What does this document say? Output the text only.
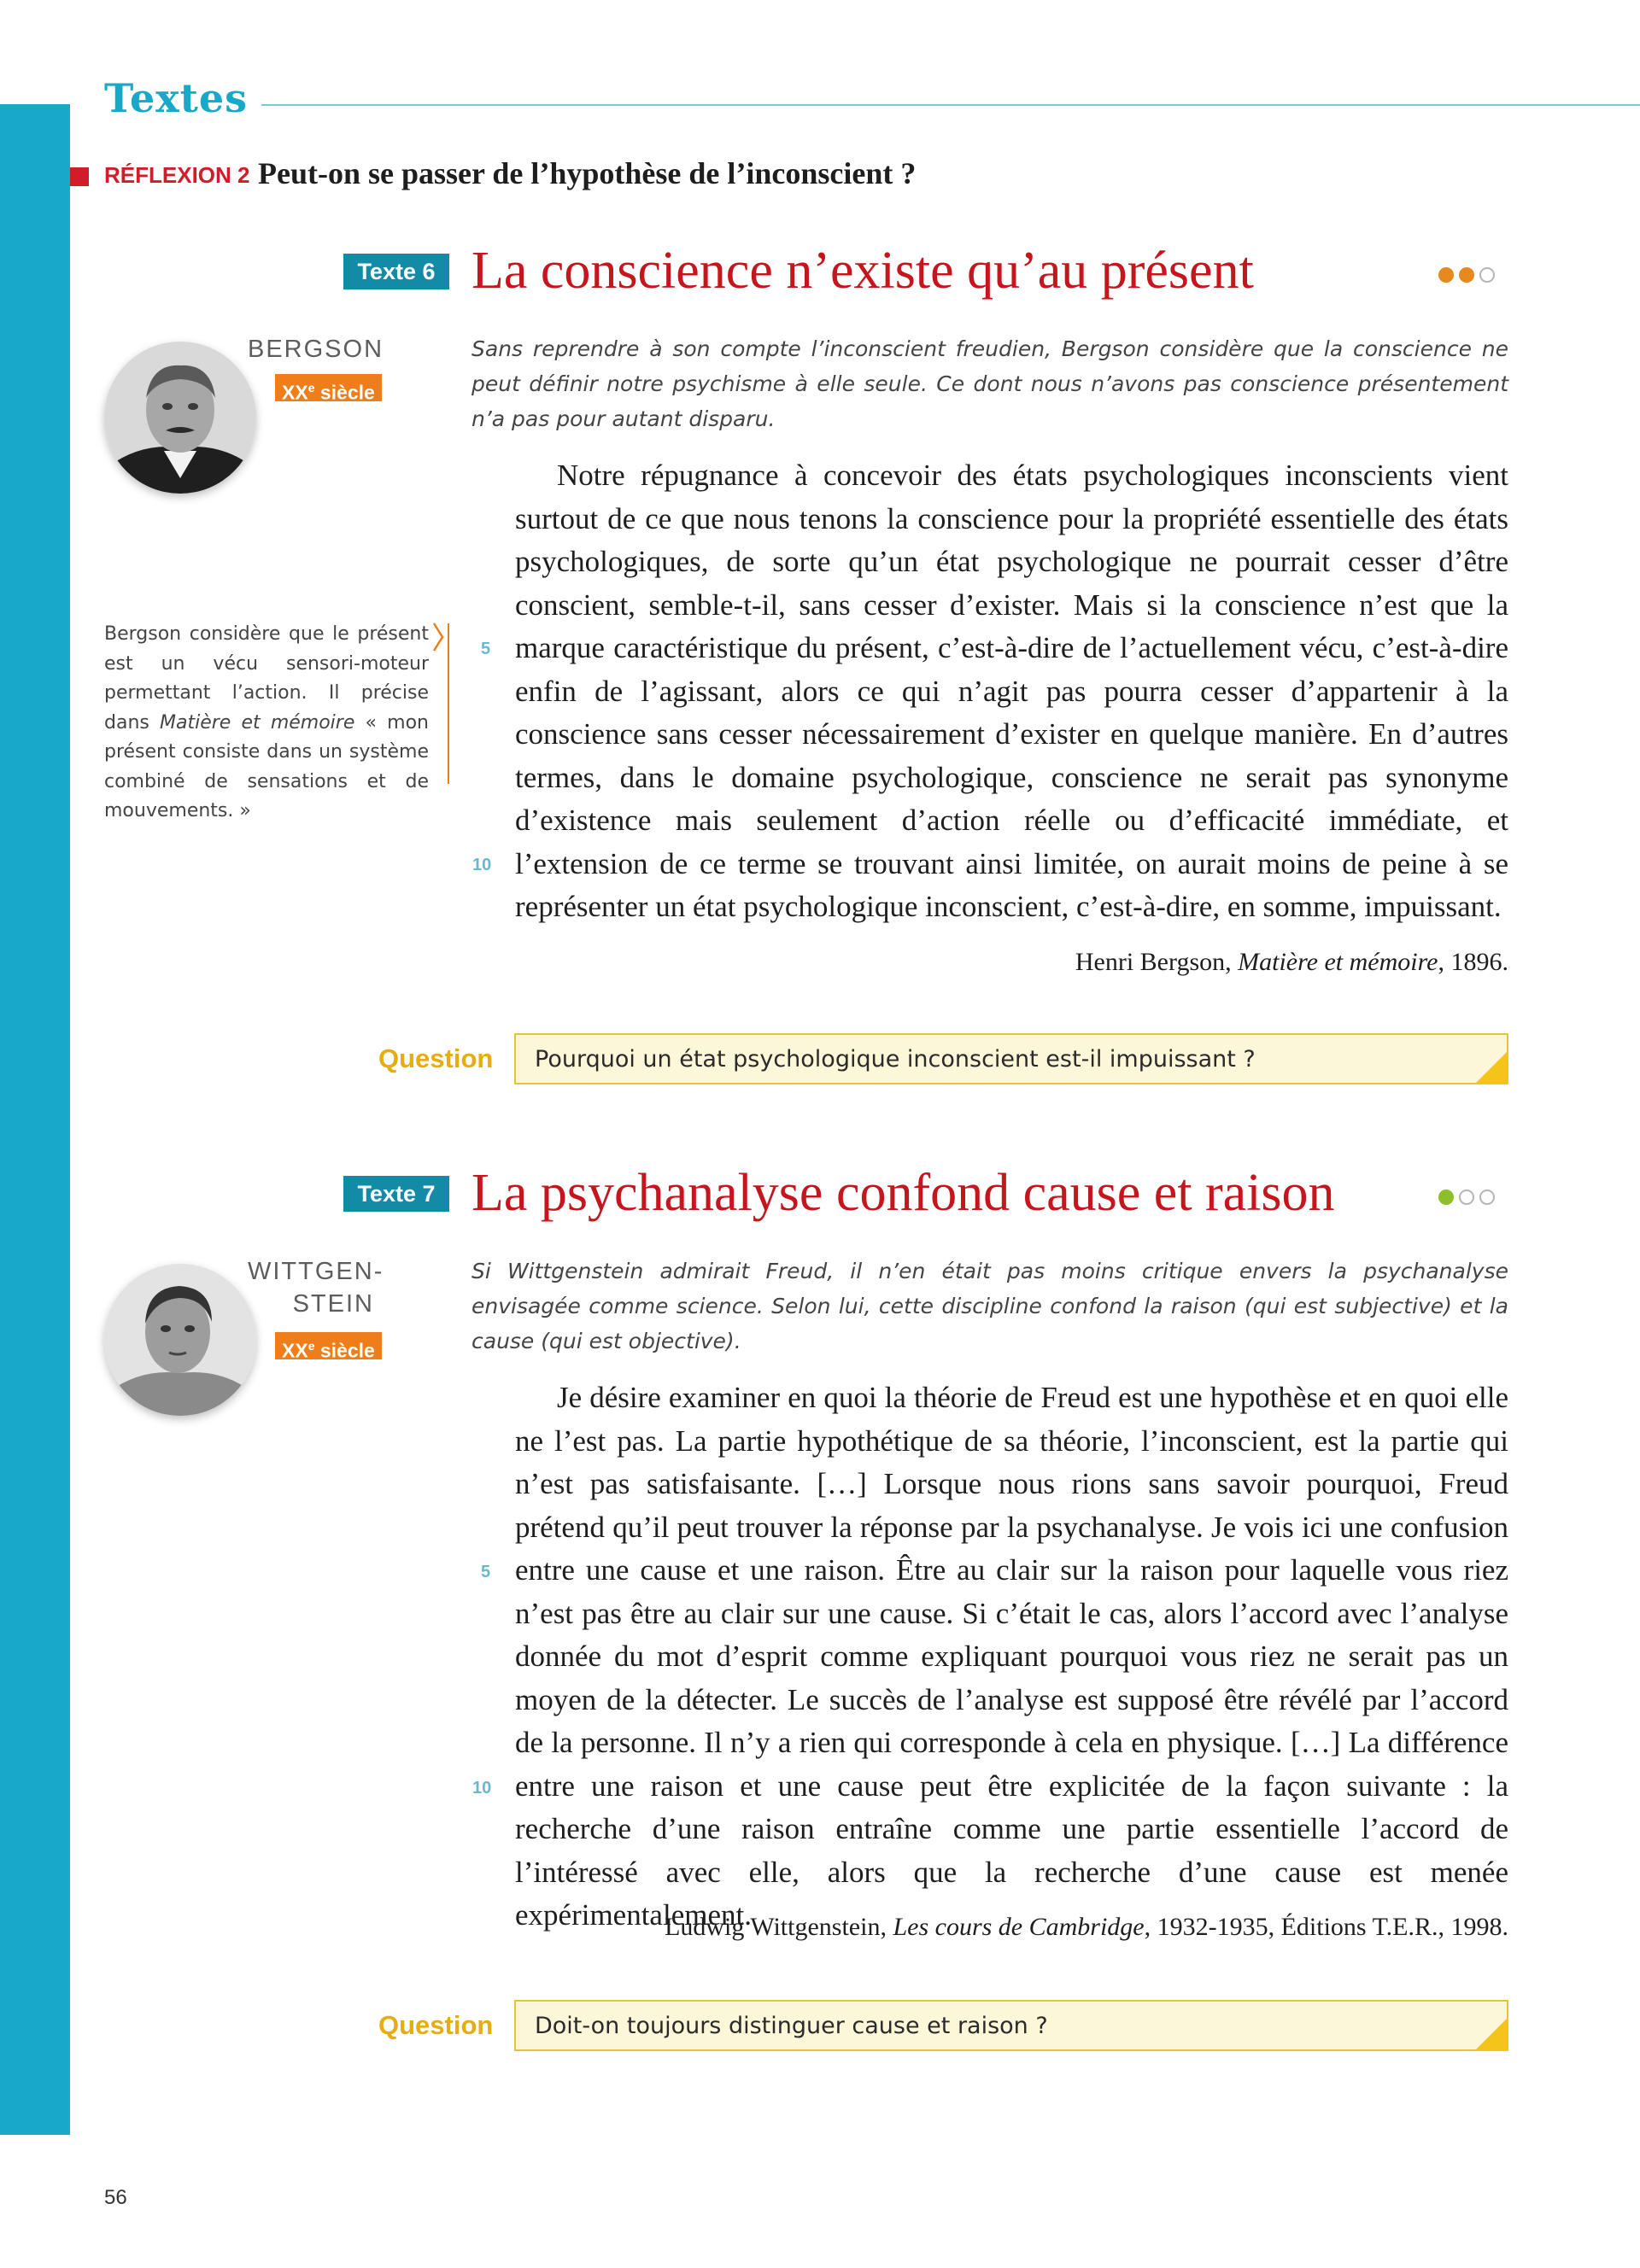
Textes
RÉFLEXION 2 Peut-on se passer de l’hypothèse de l’inconscient ?
Texte 6 La conscience n’existe qu’au présent
BERGSON
XXe siècle
Sans reprendre à son compte l’inconscient freudien, Bergson considère que la conscience ne peut définir notre psychisme à elle seule. Ce dont nous n’avons pas conscience présentement n’a pas pour autant disparu.

Notre répugnance à concevoir des états psychologiques inconscients vient surtout de ce que nous tenons la conscience pour la propriété essentielle des états psychologiques, de sorte qu’un état psychologique ne pourrait cesser d’être conscient, semble-t-il, sans cesser d’exister. Mais si la conscience n’est que la marque caractéristique du présent, c’est-à-dire de l’actuellement vécu, c’est-à-dire enfin de l’agissant, alors ce qui n’agit pas pourra cesser d’appartenir à la conscience sans cesser nécessairement d’exister en quelque manière. En d’autres termes, dans le domaine psychologique, conscience ne serait pas synonyme d’existence mais seulement d’action réelle ou d’efficacité immédiate, et l’extension de ce terme se trouvant ainsi limitée, on aurait moins de peine à se représenter un état psychologique inconscient, c’est-à-dire, en somme, impuissant.

5
10
Henri Bergson, Matière et mémoire, 1896.
Bergson considère que le présent est un vécu sensori-moteur permettant l’action. Il précise dans Matière et mémoire « mon présent consiste dans un système combiné de sensations et de mouvements. »
Question Pourquoi un état psychologique inconscient est-il impuissant ?
Texte 7 La psychanalyse confond cause et raison
WITTGEN-
STEIN
XXe siècle
Si Wittgenstein admirait Freud, il n’en était pas moins critique envers la psychanalyse envisagée comme science. Selon lui, cette discipline confond la raison (qui est subjective) et la cause (qui est objective).

Je désire examiner en quoi la théorie de Freud est une hypothèse et en quoi elle ne l’est pas. La partie hypothétique de sa théorie, l’inconscient, est la partie qui n’est pas satisfaisante. […] Lorsque nous rions sans savoir pourquoi, Freud prétend qu’il peut trouver la réponse par la psychanalyse. Je vois ici une confusion entre une cause et une raison. Être au clair sur la raison pour laquelle vous riez n’est pas être au clair sur une cause. Si c’était le cas, alors l’accord avec l’analyse donnée du mot d’esprit comme expliquant pourquoi vous riez ne serait pas un moyen de la détecter. Le succès de l’analyse est supposé être révélé par l’accord de la personne. Il n’y a rien qui corresponde à cela en physique. […] La différence entre une raison et une cause peut être explicitée de la façon suivante : la recherche d’une raison entraîne comme une partie essentielle l’accord de l’intéressé avec elle, alors que la recherche d’une cause est menée expérimentalement.

5
10
Ludwig Wittgenstein, Les cours de Cambridge, 1932-1935, Éditions T.E.R., 1998.
Question Doit-on toujours distinguer cause et raison ?
56
